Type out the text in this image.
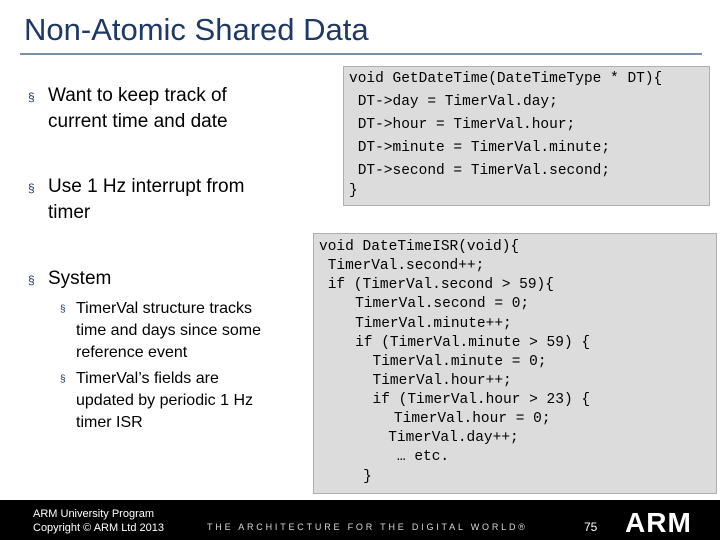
Non-Atomic Shared Data
§ Want to keep track of
current time and date
§ Use 1 Hz interrupt from
timer
§ System
§ TimerVal structure tracks
time and days since some
reference event
§ TimerVal’s fields are
updated by periodic 1 Hz
timer ISR
void GetDateTime(DateTimeType * DT){
DT->day = TimerVal.day;
DT->hour = TimerVal.hour;
DT->minute = TimerVal.minute;
DT->second = TimerVal.second;
}
void DateTimeISR(void){
TimerVal.second++;
if (TimerVal.second > 59){
TimerVal.second = 0;
TimerVal.minute++;
if (TimerVal.minute > 59) {
TimerVal.minute = 0;
TimerVal.hour++;
if (TimerVal.hour > 23) {
TimerVal.hour = 0;
TimerVal.day++;
… etc.
}
ARM University Program
Copyright © ARM Ltd 2013	THE ARCHITECTURE FOR THE DIGITAL WORLD®	75 ARM
